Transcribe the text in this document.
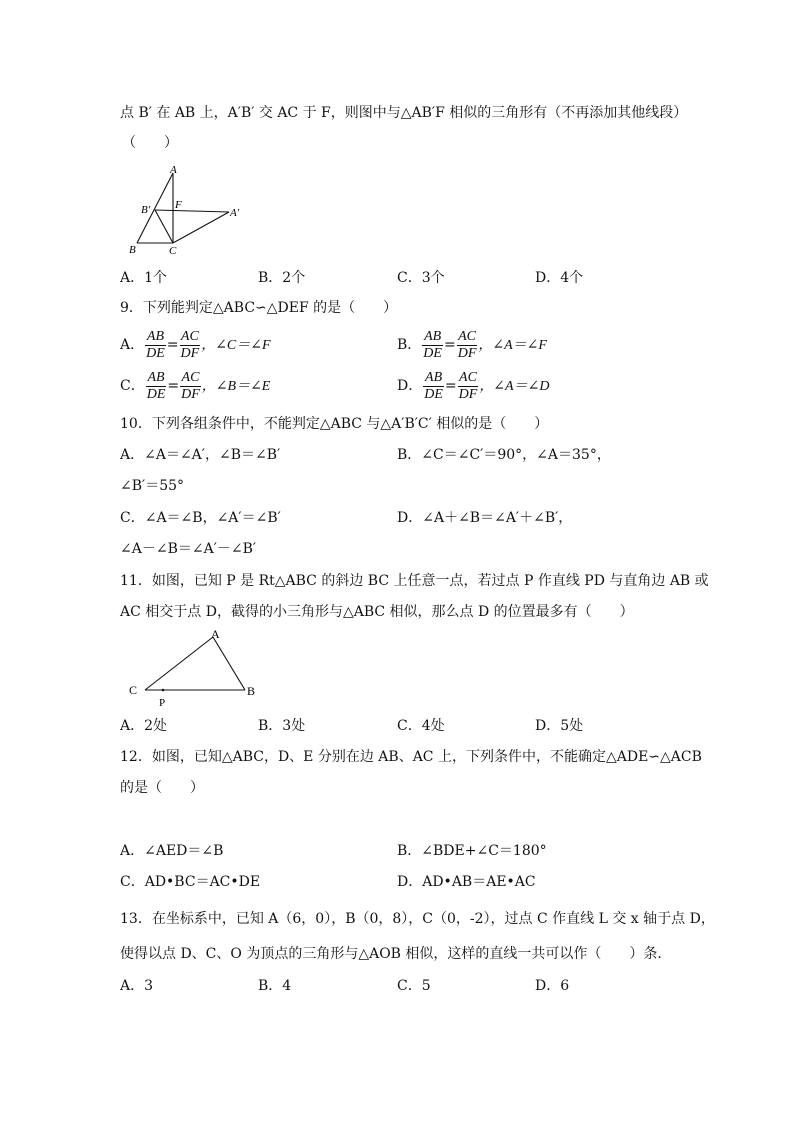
点 B′ 在 AB 上，A′B′ 交 AC 于 F，则图中与△AB′F 相似的三角形有（不再添加其他线段）
（　　）
A
B	C
B′ F
A′
A．1个	B．2个	C．3个	D．4个
9．下列能判定△ABC∽△DEF 的是（　　）
A． $\frac{AB}{DE} = \frac{AC}{DF}$ ，∠C＝∠F	B． $\frac{AB}{DE} = \frac{AC}{DF}$ ，∠A＝∠F
C． $\frac{AB}{DE} = \frac{AC}{DF}$ ，∠B＝∠E	D． $\frac{AB}{DE} = \frac{AC}{DF}$ ，∠A＝∠D
10．下列各组条件中，不能判定△ABC 与△A′B′C′ 相似的是（　　）
A．∠A＝∠A′，∠B＝∠B′	B．∠C＝∠C′＝90°，∠A＝35°，
∠B′＝55°
C．∠A＝∠B，∠A′＝∠B′	D．∠A＋∠B＝∠A′＋∠B′，
∠A－∠B＝∠A′－∠B′
11．如图，已知 P 是 Rt△ABC 的斜边 BC 上任意一点，若过点 P 作直线 PD 与直角边 AB 或
AC 相交于点 D，截得的小三角形与△ABC 相似，那么点 D 的位置最多有（　　）
A
C	B
P
A．2处	B．3处	C．4处	D．5处
12．如图，已知△ABC，D、E 分别在边 AB、AC 上，下列条件中，不能确定△ADE∽△ACB
的是（　　）
A．∠AED＝∠B	B．∠BDE+∠C＝180°
C．AD•BC＝AC•DE	D．AD•AB＝AE•AC
13．在坐标系中，已知 A（6，0），B（0，8），C（0，-2），过点 C 作直线 L 交 x 轴于点 D，
使得以点 D、C、O 为顶点的三角形与△AOB 相似，这样的直线一共可以作（　　）条．
A．3	B．4	C．5	D．6
